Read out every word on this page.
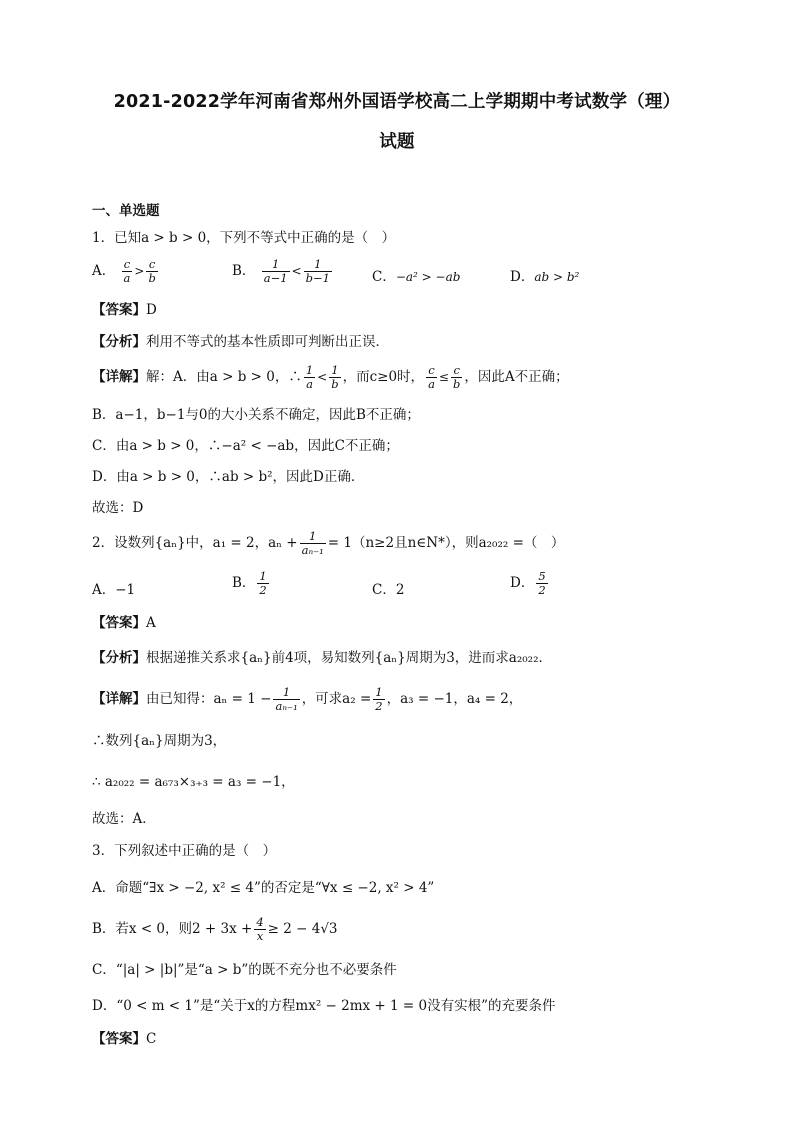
2021-2022学年河南省郑州外国语学校高二上学期期中考试数学（理）
试题
一、单选题
1．已知a > b > 0，下列不等式中正确的是（　）
A． $\frac{c}{a} > \frac{c}{b}$	B． $\frac{1}{a-1} < \frac{1}{b-1}$	C．−a² > −ab	D．ab > b²
【答案】D
【分析】利用不等式的基本性质即可判断出正误．
【详解】解：A．由a > b > 0，∴ $\frac{1}{a} < \frac{1}{b}$ ，而c≥0时， $\frac{c}{a} \le \frac{c}{b}$ ，因此A不正确；
B．a−1，b−1与0的大小关系不确定，因此B不正确；
C．由a > b > 0，∴−a² < −ab，因此C不正确；
D．由a > b > 0，∴ab > b²，因此D正确．
故选：D
2．设数列{aₙ}中，a₁ = 2，$a_n + \frac{1}{\text{aₙ₋₁}} = 1(n\ge 2$且n∈N*），则a₂₀₂₂ =（　）
A．−1	B． $\frac{1}{2}$	C．2	D． $\frac{5}{2}$
【答案】A
【分析】根据递推关系求{aₙ}前4项，易知数列{aₙ}周期为3，进而求a₂₀₂₂．
【详解】由已知得：$a_n = 1 - \frac{1}{\text{aₙ₋₁}}$ ，可求$a_2 = \frac{1}{2}$ ，a₃ = −1，a₄ = 2，
∴数列{aₙ}周期为3，
∴ a₂₀₂₂ = a₆₇₃×₃₊₃ = a₃ = −1，
故选：A．
3．下列叙述中正确的是（　）
A．命题“∃x > −2, x² ≤ 4”的否定是“∀x ≤ −2, x² > 4”
B．若x < 0，则$2 + 3x + \frac{4}{x} \ge 2 - 4√3$
C．“|a| > |b|”是“a > b”的既不充分也不必要条件
D．“0 < m < 1”是“关于x的方程mx² − 2mx + 1 = 0没有实根”的充要条件
【答案】C
